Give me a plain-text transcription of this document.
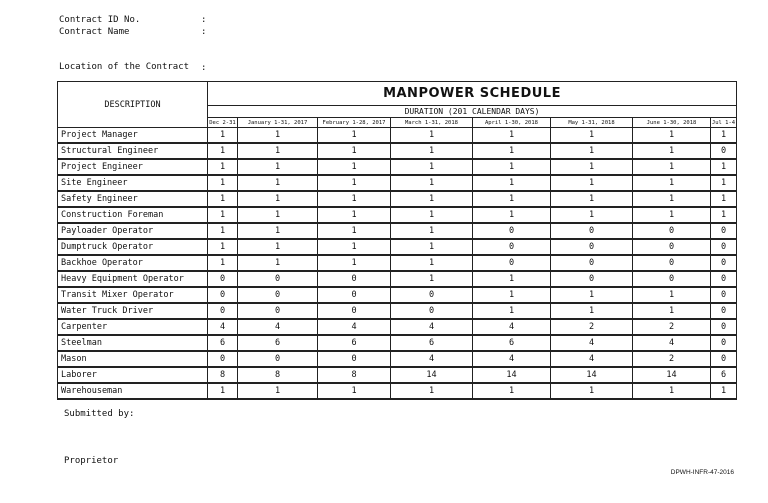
Contract ID No.	:
Contract Name	:
Location of the Contract :
DESCRIPTION	MANPOWER SCHEDULE							
	DURATION (201 CALENDAR DAYS)							
	Dec 2-31	January 1-31, 2017	February 1-28, 2017	March 1-31, 2018	April 1-30, 2018	May 1-31, 2018	June 1-30, 2018	Jul 1-4
Project Manager	1	1	1	1	1	1	1	1
Structural Engineer	1	1	1	1	1	1	1	0
Project Engineer	1	1	1	1	1	1	1	1
Site Engineer	1	1	1	1	1	1	1	1
Safety Engineer	1	1	1	1	1	1	1	1
Construction Foreman	1	1	1	1	1	1	1	1
Payloader Operator	1	1	1	1	0	0	0	0
Dumptruck Operator	1	1	1	1	0	0	0	0
Backhoe Operator	1	1	1	1	0	0	0	0
Heavy Equipment Operator	0	0	0	1	1	0	0	0
Transit Mixer Operator	0	0	0	0	1	1	1	0
Water Truck Driver	0	0	0	0	1	1	1	0
Carpenter	4	4	4	4	4	2	2	0
Steelman	6	6	6	6	6	4	4	0
Mason	0	0	0	4	4	4	2	0
Laborer	8	8	8	14	14	14	14	6
Warehouseman	1	1	1	1	1	1	1	1
Submitted by:
Proprietor
DPWH-INFR-47-2016
